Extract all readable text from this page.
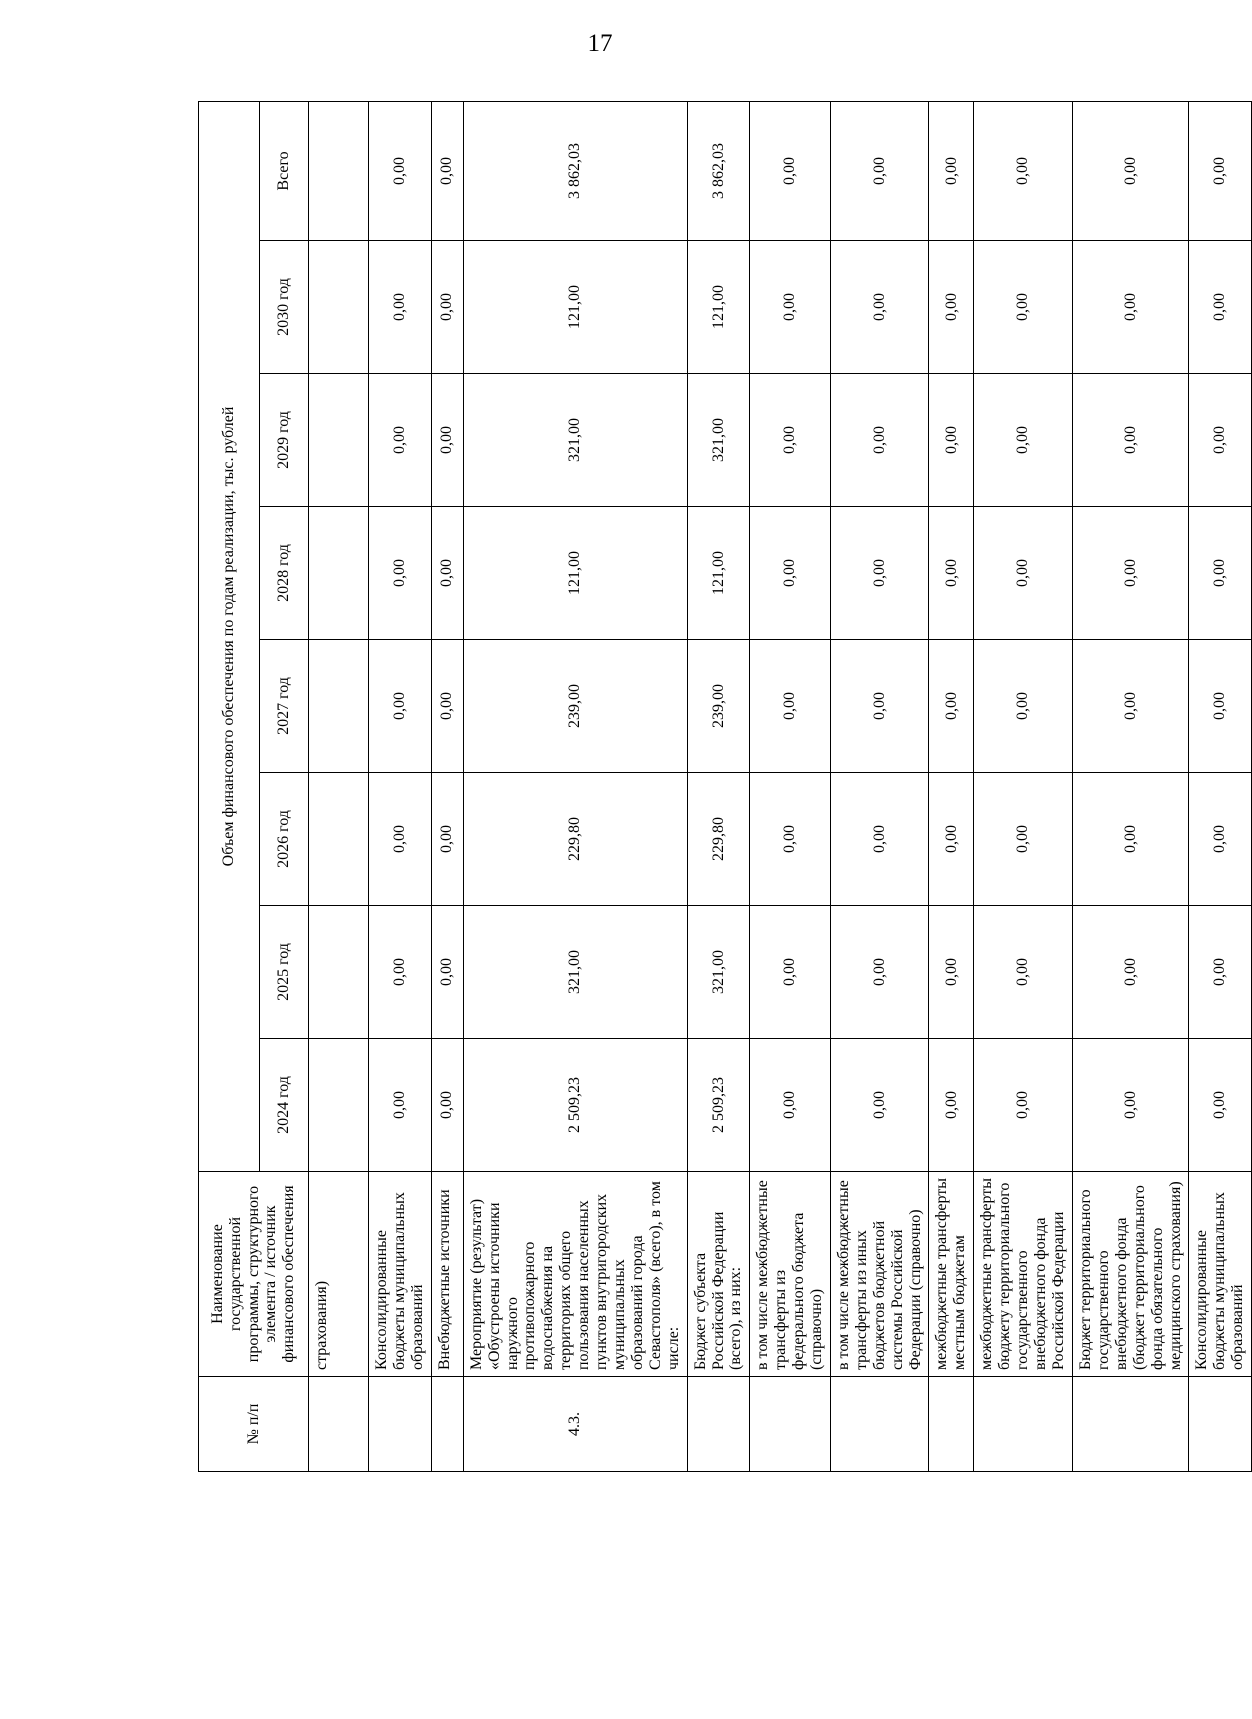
17
№ п/п	Наименование государственной программы, структурного элемента / источник финансового обеспечения	Объем финансового обеспечения по годам реализации, тыс. рублей							
		2024 год	2025 год	2026 год	2027 год	2028 год	2029 год	2030 год	Всего
	страхования)								
	Консолидированные бюджеты муниципальных образований	0,00	0,00	0,00	0,00	0,00	0,00	0,00	0,00
	Внебюджетные источники	0,00	0,00	0,00	0,00	0,00	0,00	0,00	0,00
4.3.	Мероприятие (результат) «Обустроены источники наружного противопожарного водоснабжения на территориях общего пользования населенных пунктов внутригородских муниципальных образований города Севастополя» (всего), в том числе:	2 509,23	321,00	229,80	239,00	121,00	321,00	121,00	3 862,03
	Бюджет субъекта Российской Федерации (всего), из них:	2 509,23	321,00	229,80	239,00	121,00	321,00	121,00	3 862,03
	в том числе межбюджетные трансферты из федерального бюджета (справочно)	0,00	0,00	0,00	0,00	0,00	0,00	0,00	0,00
	в том числе межбюджетные трансферты из иных бюджетов бюджетной системы Российской Федерации (справочно)	0,00	0,00	0,00	0,00	0,00	0,00	0,00	0,00
	межбюджетные трансферты местным бюджетам	0,00	0,00	0,00	0,00	0,00	0,00	0,00	0,00
	межбюджетные трансферты бюджету территориального государственного внебюджетного фонда Российской Федерации	0,00	0,00	0,00	0,00	0,00	0,00	0,00	0,00
	Бюджет территориального государственного внебюджетного фонда (бюджет территориального фонда обязательного медицинского страхования)	0,00	0,00	0,00	0,00	0,00	0,00	0,00	0,00
	Консолидированные бюджеты муниципальных образований	0,00	0,00	0,00	0,00	0,00	0,00	0,00	0,00
